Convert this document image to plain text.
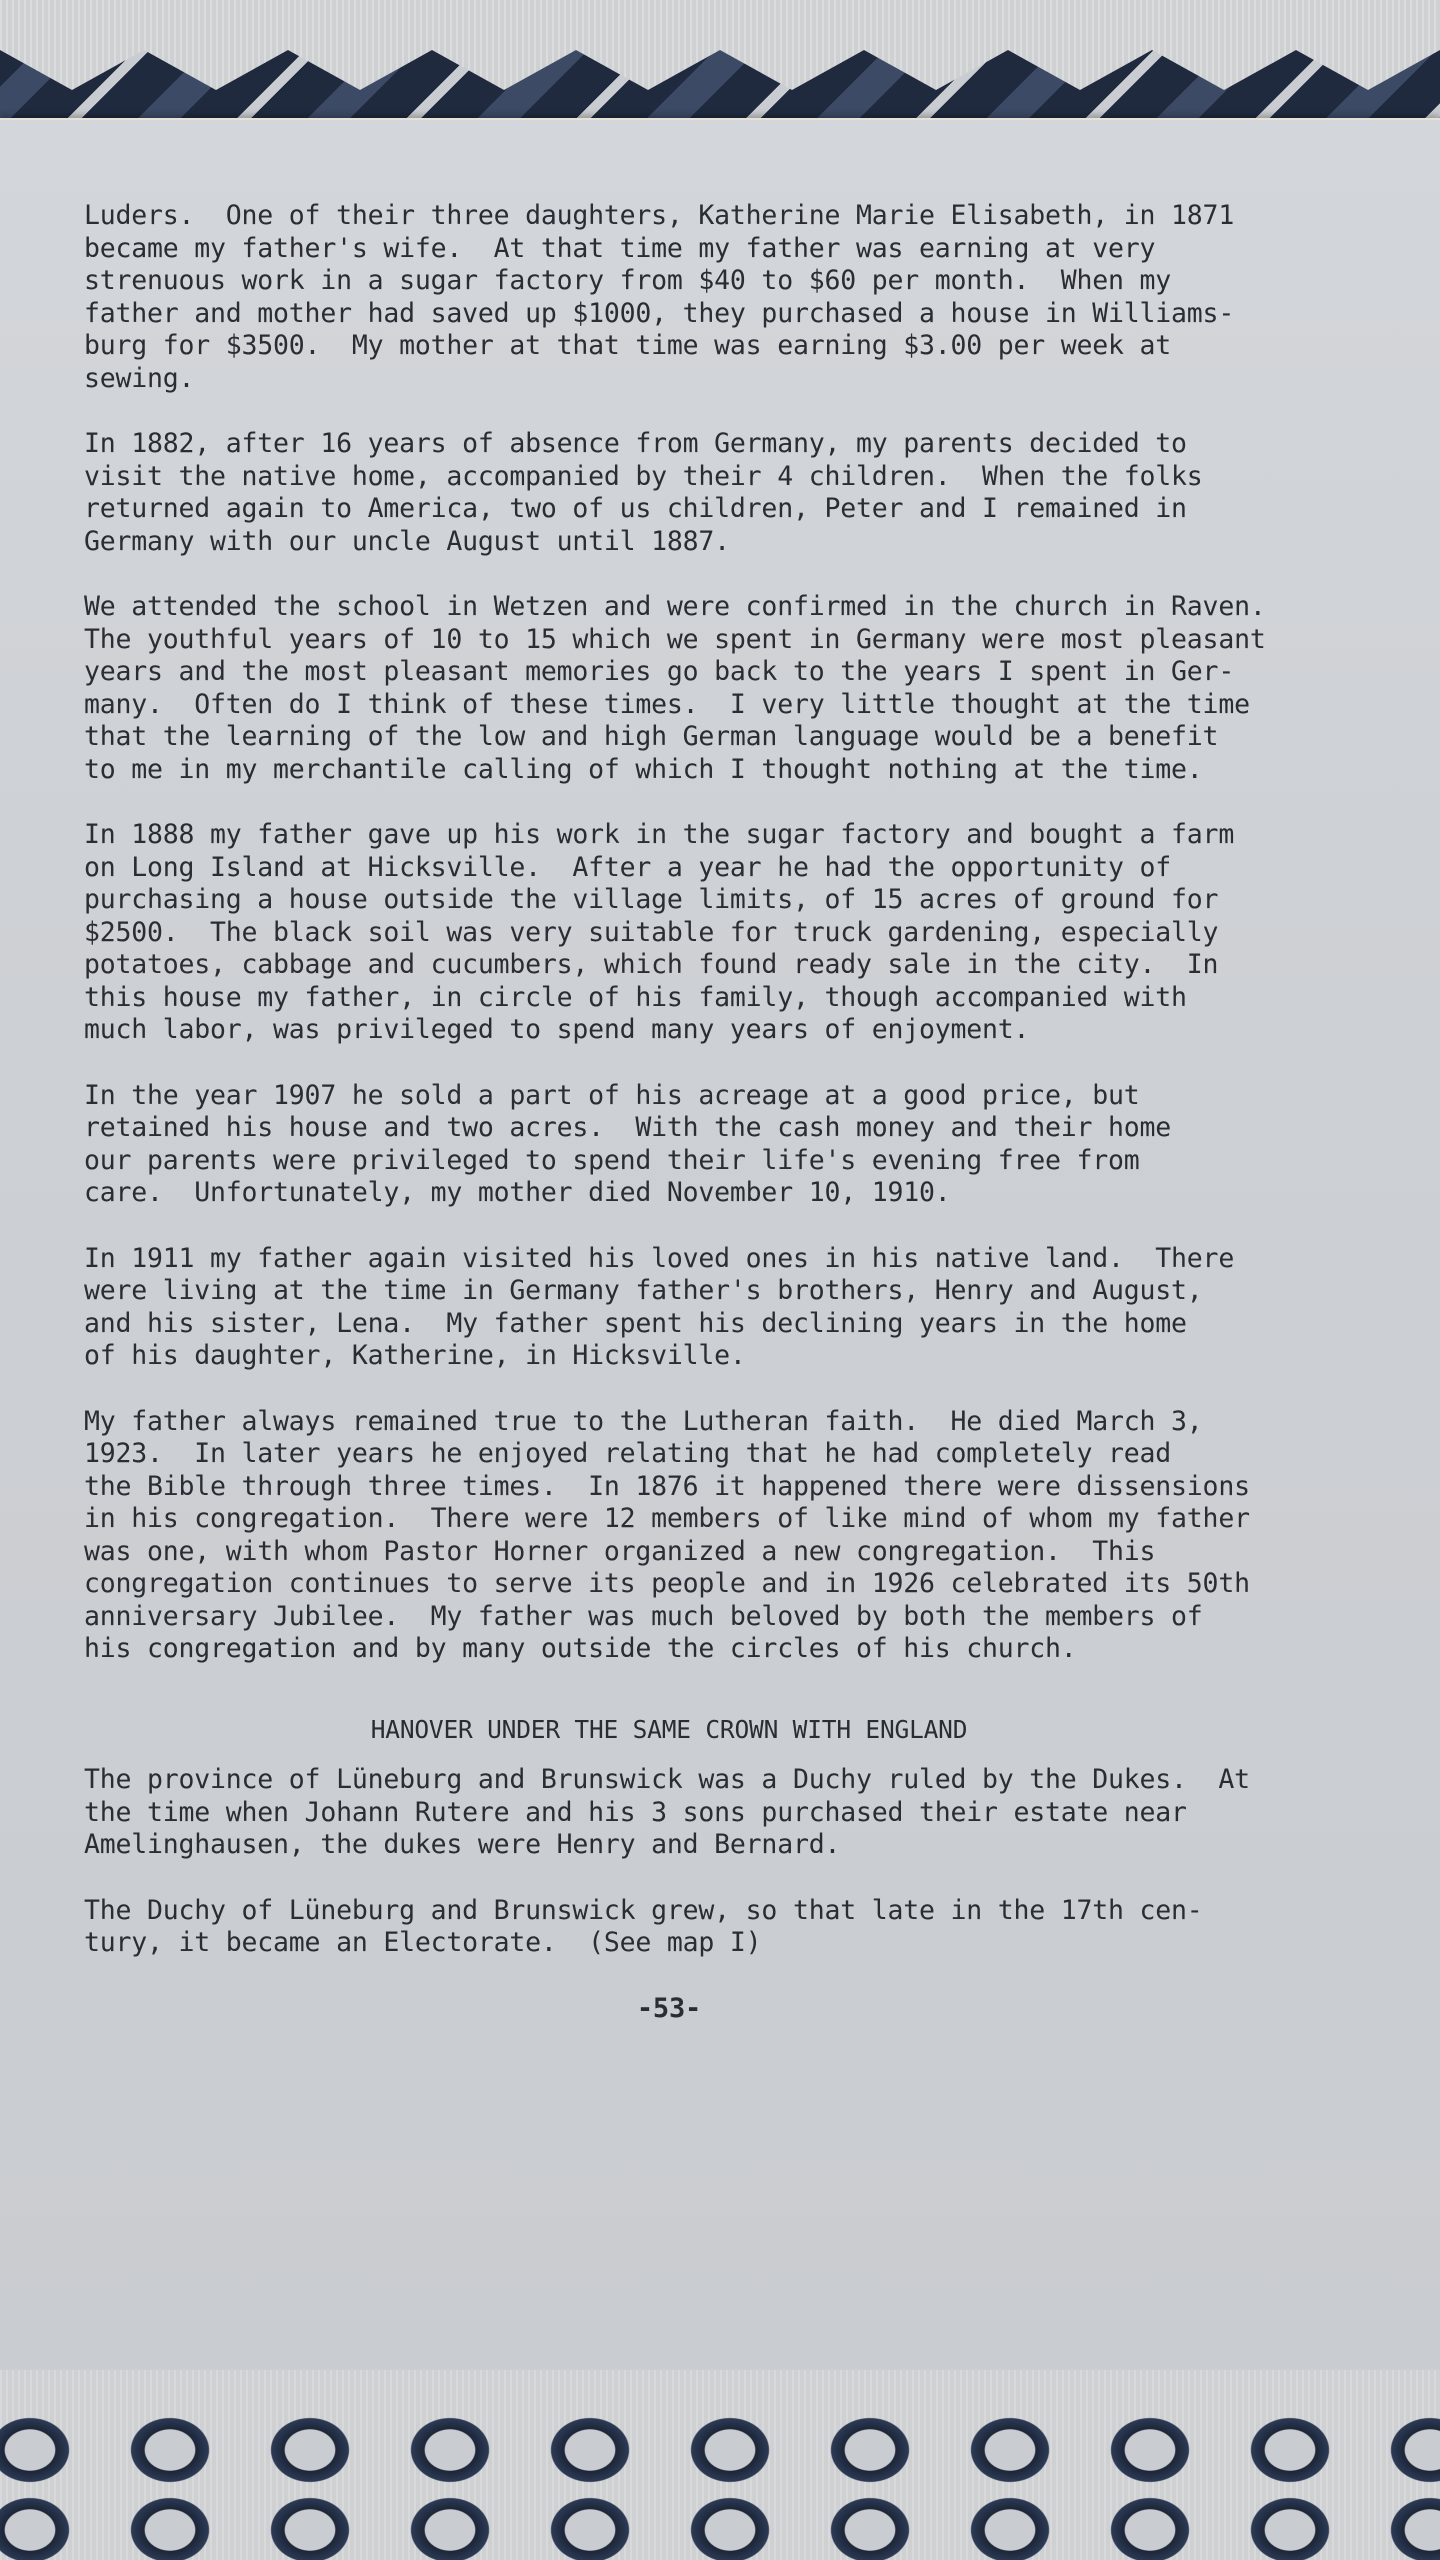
Luders.  One of their three daughters, Katherine Marie Elisabeth, in 1871
became my father's wife.  At that time my father was earning at very
strenuous work in a sugar factory from $40 to $60 per month.  When my
father and mother had saved up $1000, they purchased a house in Williams-
burg for $3500.  My mother at that time was earning $3.00 per week at
sewing.
In 1882, after 16 years of absence from Germany, my parents decided to
visit the native home, accompanied by their 4 children.  When the folks
returned again to America, two of us children, Peter and I remained in
Germany with our uncle August until 1887.
We attended the school in Wetzen and were confirmed in the church in Raven.
The youthful years of 10 to 15 which we spent in Germany were most pleasant
years and the most pleasant memories go back to the years I spent in Ger-
many.  Often do I think of these times.  I very little thought at the time
that the learning of the low and high German language would be a benefit
to me in my merchantile calling of which I thought nothing at the time.
In 1888 my father gave up his work in the sugar factory and bought a farm
on Long Island at Hicksville.  After a year he had the opportunity of
purchasing a house outside the village limits, of 15 acres of ground for
$2500.  The black soil was very suitable for truck gardening, especially
potatoes, cabbage and cucumbers, which found ready sale in the city.  In
this house my father, in circle of his family, though accompanied with
much labor, was privileged to spend many years of enjoyment.
In the year 1907 he sold a part of his acreage at a good price, but
retained his house and two acres.  With the cash money and their home
our parents were privileged to spend their life's evening free from
care.  Unfortunately, my mother died November 10, 1910.
In 1911 my father again visited his loved ones in his native land.  There
were living at the time in Germany father's brothers, Henry and August,
and his sister, Lena.  My father spent his declining years in the home
of his daughter, Katherine, in Hicksville.
My father always remained true to the Lutheran faith.  He died March 3,
1923.  In later years he enjoyed relating that he had completely read
the Bible through three times.  In 1876 it happened there were dissensions
in his congregation.  There were 12 members of like mind of whom my father
was one, with whom Pastor Horner organized a new congregation.  This
congregation continues to serve its people and in 1926 celebrated its 50th
anniversary Jubilee.  My father was much beloved by both the members of
his congregation and by many outside the circles of his church.
HANOVER UNDER THE SAME CROWN WITH ENGLAND
The province of Lüneburg and Brunswick was a Duchy ruled by the Dukes.  At
the time when Johann Rutere and his 3 sons purchased their estate near
Amelinghausen, the dukes were Henry and Bernard.
The Duchy of Lüneburg and Brunswick grew, so that late in the 17th cen-
tury, it became an Electorate.  (See map I)
-53-
